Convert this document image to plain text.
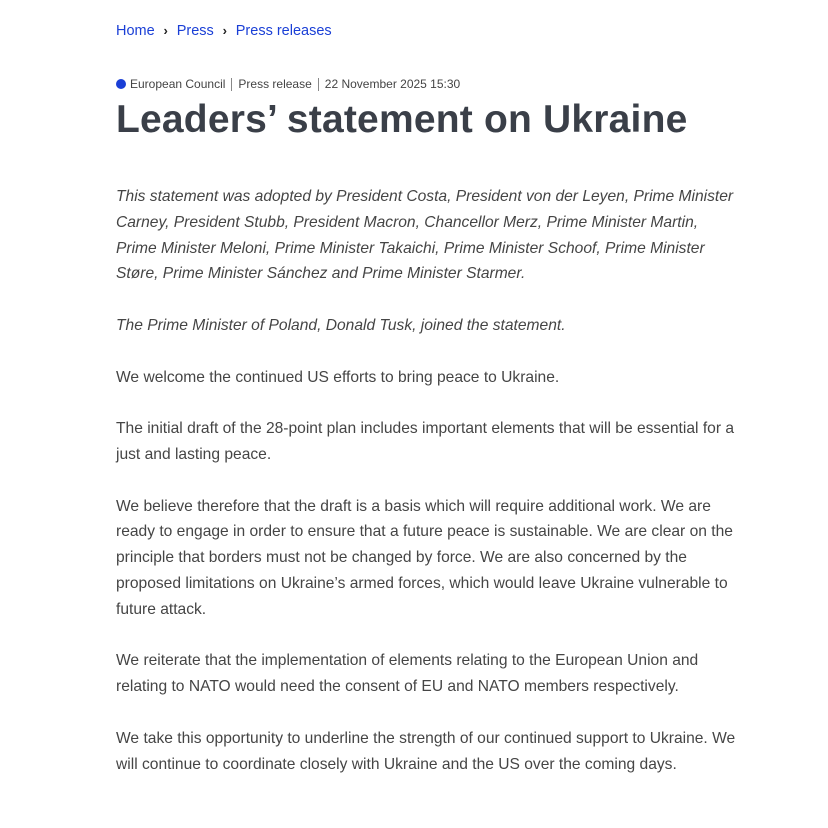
Home › Press › Press releases
European Council Press release 22 November 2025 15:30
Leaders’ statement on Ukraine

This statement was adopted by President Costa, President von der Leyen, Prime Minister Carney, President Stubb, President Macron, Chancellor Merz, Prime Minister Martin, Prime Minister Meloni, Prime Minister Takaichi, Prime Minister Schoof, Prime Minister Støre, Prime Minister Sánchez and Prime Minister Starmer.

The Prime Minister of Poland, Donald Tusk, joined the statement.

We welcome the continued US efforts to bring peace to Ukraine.

The initial draft of the 28-point plan includes important elements that will be essential for a just and lasting peace.

We believe therefore that the draft is a basis which will require additional work. We are ready to engage in order to ensure that a future peace is sustainable. We are clear on the principle that borders must not be changed by force. We are also concerned by the proposed limitations on Ukraine’s armed forces, which would leave Ukraine vulnerable to future attack.

We reiterate that the implementation of elements relating to the European Union and relating to NATO would need the consent of EU and NATO members respectively.

We take this opportunity to underline the strength of our continued support to Ukraine. We will continue to coordinate closely with Ukraine and the US over the coming days.
